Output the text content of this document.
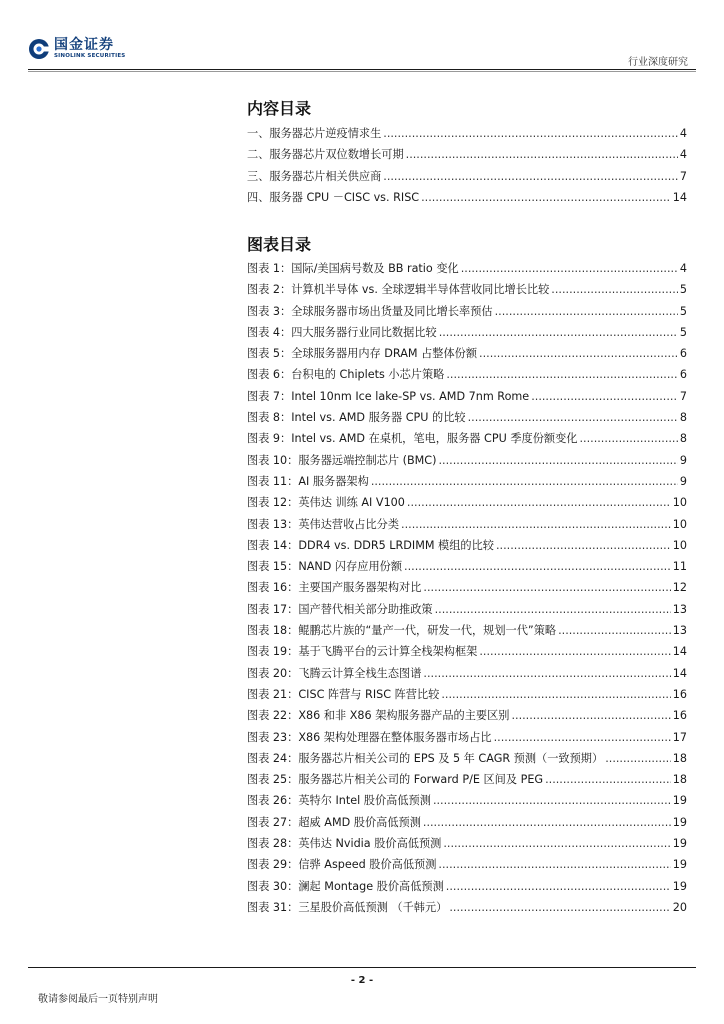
国金证券
SINOLINK SECURITIES
行业深度研究
内容目录
一、服务器芯片逆疫情求生 .....	4
二、服务器芯片双位数增长可期 .....	4
三、服务器芯片相关供应商 .....	7
四、服务器 CPU －CISC vs. RISC .....	14
图表目录
图表 1：国际/美国病号数及 BB ratio 变化 .....	4
图表 2：计算机半导体 vs. 全球逻辑半导体营收同比增长比较 .....	5
图表 3：全球服务器市场出货量及同比增长率预估 .....	5
图表 4：四大服务器行业同比数据比较 .....	5
图表 5：全球服务器用内存 DRAM 占整体份额 .....	6
图表 6：台积电的 Chiplets 小芯片策略 .....	6
图表 7：Intel 10nm Ice lake-SP vs. AMD 7nm Rome .....	7
图表 8：Intel vs. AMD 服务器 CPU 的比较 .....	8
图表 9：Intel vs. AMD 在桌机，笔电，服务器 CPU 季度份额变化 .....	8
图表 10：服务器远端控制芯片 (BMC) .....	9
图表 11：AI 服务器架构 .....	9
图表 12：英伟达 训练 AI V100 .....	10
图表 13：英伟达营收占比分类 .....	10
图表 14：DDR4 vs. DDR5 LRDIMM 模组的比较 .....	10
图表 15：NAND 闪存应用份额 .....	11
图表 16：主要国产服务器架构对比 .....	12
图表 17：国产替代相关部分助推政策 .....	13
图表 18：鲲鹏芯片族的“量产一代，研发一代，规划一代”策略 .....	13
图表 19：基于飞腾平台的云计算全栈架构框架 .....	14
图表 20：飞腾云计算全栈生态图谱 .....	14
图表 21：CISC 阵营与 RISC 阵营比较 .....	16
图表 22：X86 和非 X86 架构服务器产品的主要区别 .....	16
图表 23：X86 架构处理器在整体服务器市场占比 .....	17
图表 24：服务器芯片相关公司的 EPS 及 5 年 CAGR 预测（一致预期） .....	18
图表 25：服务器芯片相关公司的 Forward P/E 区间及 PEG .....	18
图表 26：英特尔 Intel 股价高低预测 .....	19
图表 27：超威 AMD 股价高低预测 .....	19
图表 28：英伟达 Nvidia 股价高低预测 .....	19
图表 29：信骅 Aspeed 股价高低预测 .....	19
图表 30：澜起 Montage 股价高低预测 .....	19
图表 31：三星股价高低预测 （千韩元） .....	20
- 2 -
敬请参阅最后一页特别声明
